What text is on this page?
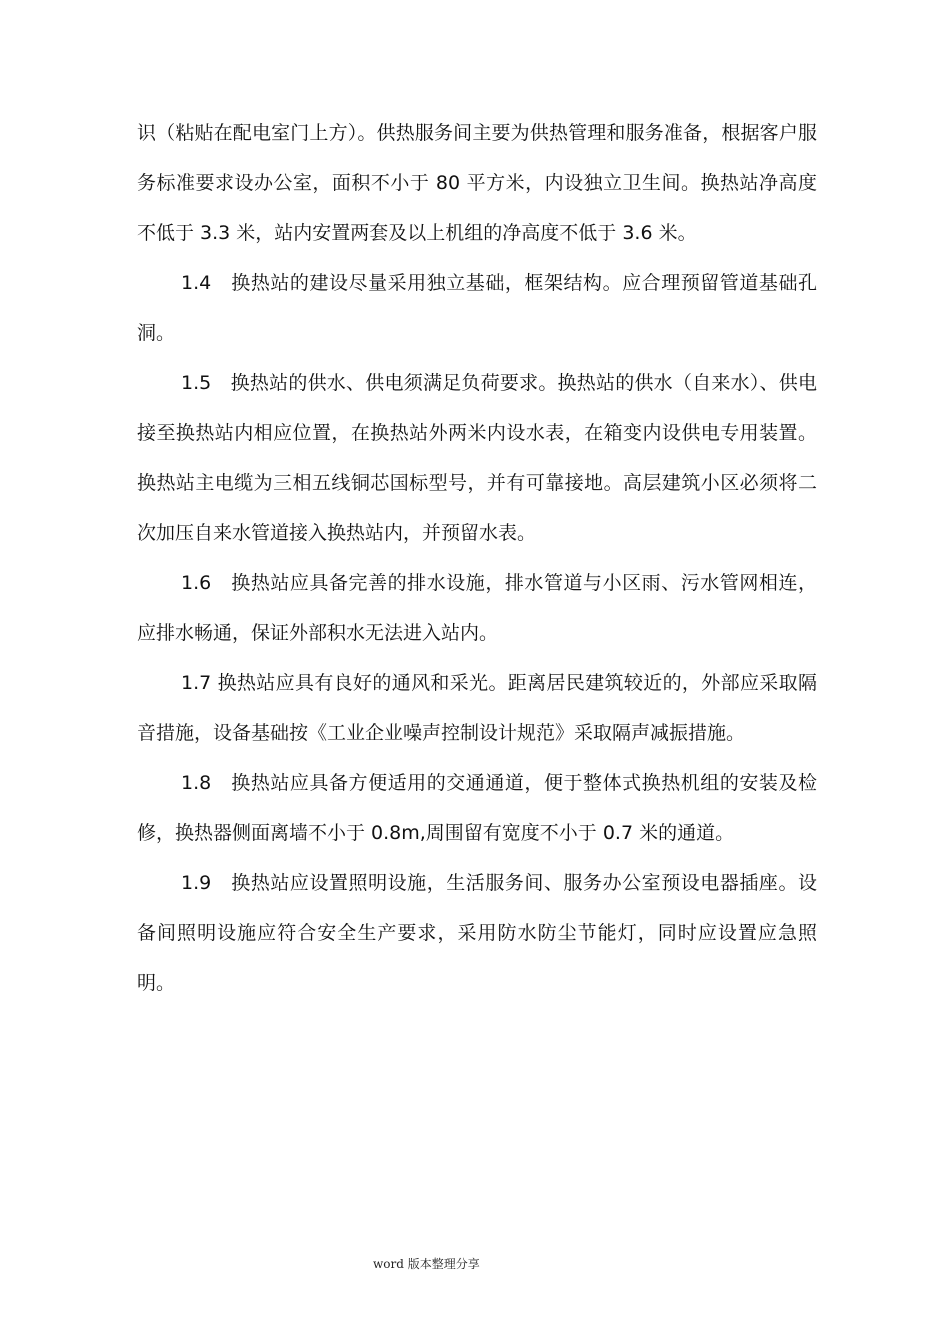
识（粘贴在配电室门上方）。供热服务间主要为供热管理和服务准备，根据客户服务标准要求设办公室，面积不小于 80 平方米，内设独立卫生间。换热站净高度不低于 3.3 米，站内安置两套及以上机组的净高度不低于 3.6 米。

1.4　换热站的建设尽量采用独立基础，框架结构。应合理预留管道基础孔洞。

1.5　换热站的供水、供电须满足负荷要求。换热站的供水（自来水）、供电接至换热站内相应位置，在换热站外两米内设水表，在箱变内设供电专用装置。换热站主电缆为三相五线铜芯国标型号，并有可靠接地。高层建筑小区必须将二次加压自来水管道接入换热站内，并预留水表。

1.6　换热站应具备完善的排水设施，排水管道与小区雨、污水管网相连，应排水畅通，保证外部积水无法进入站内。

1.7 换热站应具有良好的通风和采光。距离居民建筑较近的，外部应采取隔音措施，设备基础按《工业企业噪声控制设计规范》采取隔声减振措施。

1.8　换热站应具备方便适用的交通通道，便于整体式换热机组的安装及检修，换热器侧面离墙不小于 0.8m,周围留有宽度不小于 0.7 米的通道。

1.9　换热站应设置照明设施，生活服务间、服务办公室预设电器插座。设备间照明设施应符合安全生产要求，采用防水防尘节能灯，同时应设置应急照明。

word 版本整理分享
